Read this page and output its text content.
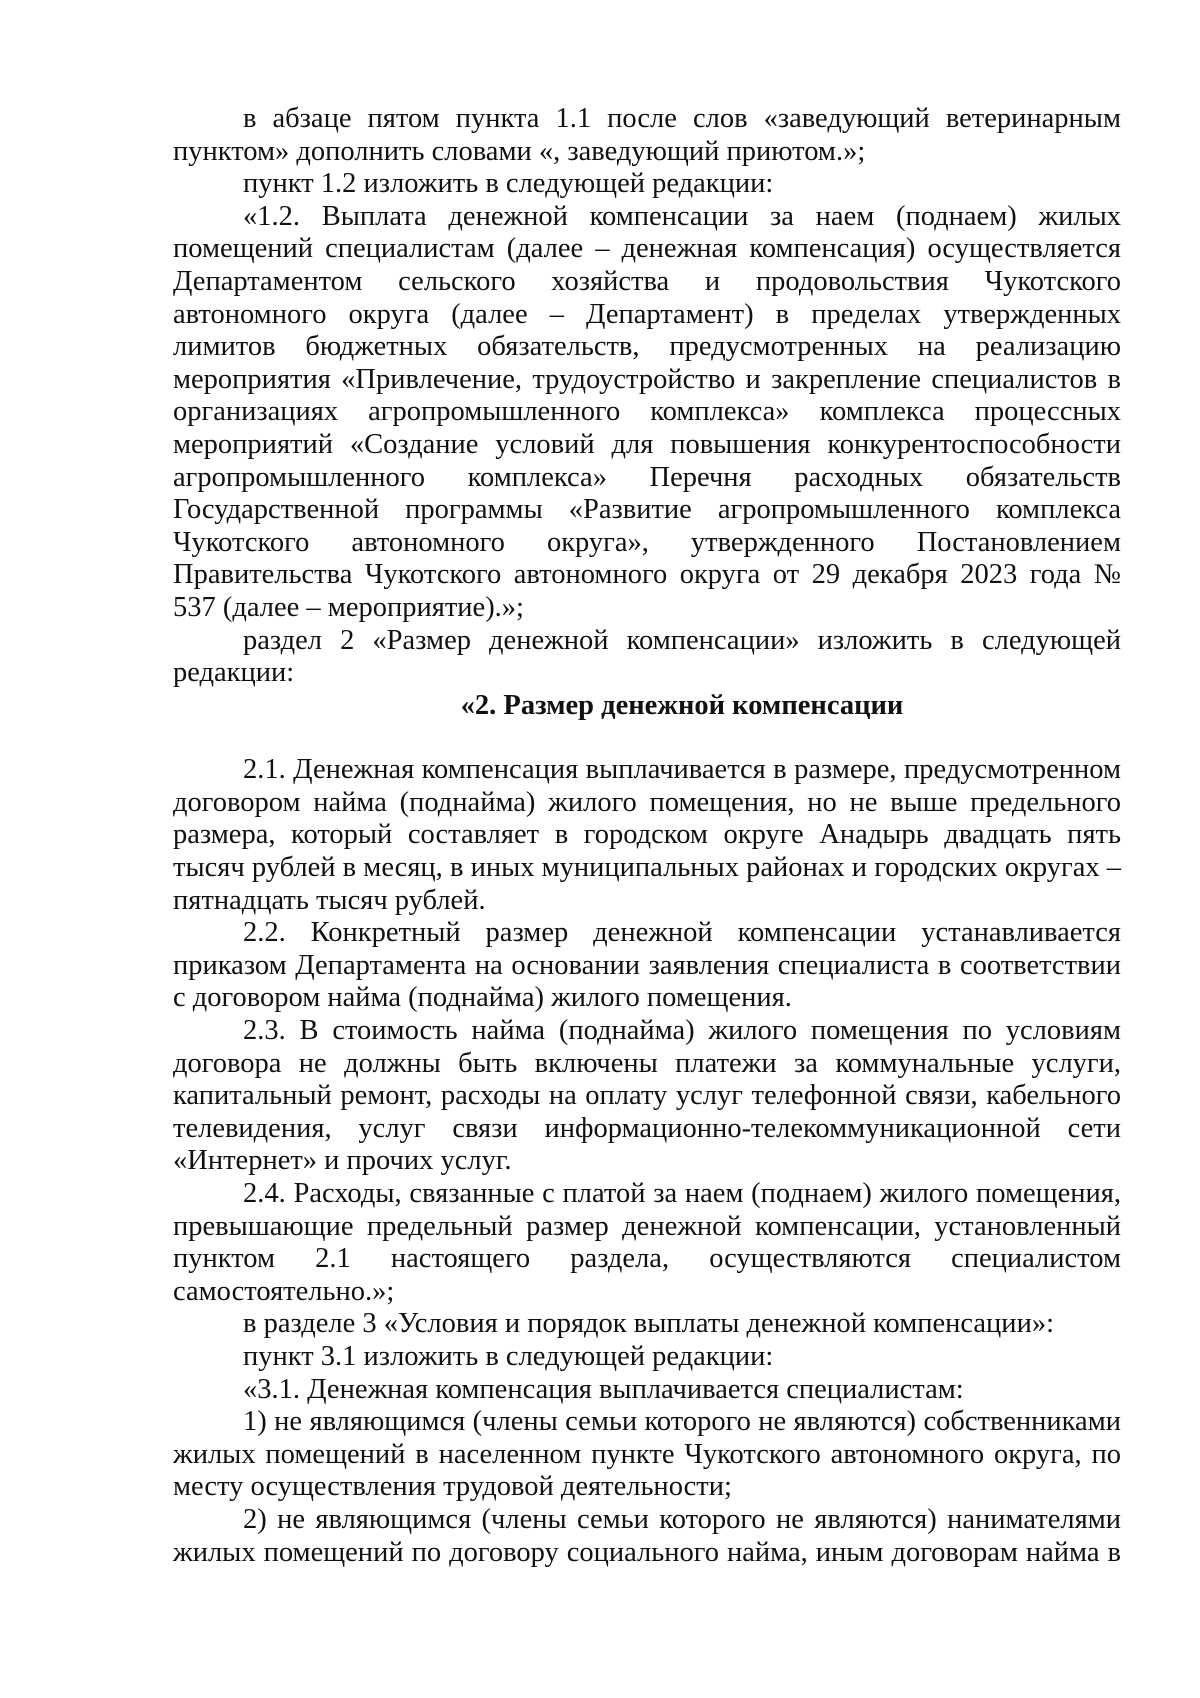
в абзаце пятом пункта 1.1 после слов «заведующий ветеринарным пунктом» дополнить словами «, заведующий приютом.»;

пункт 1.2 изложить в следующей редакции:

«1.2. Выплата денежной компенсации за наем (поднаем) жилых помещений специалистам (далее – денежная компенсация) осуществляется Департаментом сельского хозяйства и продовольствия Чукотского автономного округа (далее – Департамент) в пределах утвержденных лимитов бюджетных обязательств, предусмотренных на реализацию мероприятия «Привлечение, трудоустройство и закрепление специалистов в организациях агропромышленного комплекса» комплекса процессных мероприятий «Создание условий для повышения конкурентоспособности агропромышленного комплекса» Перечня расходных обязательств Государственной программы «Развитие агропромышленного комплекса Чукотского автономного округа», утвержденного Постановлением Правительства Чукотского автономного округа от 29 декабря 2023 года № 537 (далее – мероприятие).»;

раздел 2 «Размер денежной компенсации» изложить в следующей редакции:

«2. Размер денежной компенсации

2.1. Денежная компенсация выплачивается в размере, предусмотренном договором найма (поднайма) жилого помещения, но не выше предельного размера, который составляет в городском округе Анадырь двадцать пять тысяч рублей в месяц, в иных муниципальных районах и городских округах – пятнадцать тысяч рублей.

2.2. Конкретный размер денежной компенсации устанавливается приказом Департамента на основании заявления специалиста в соответствии с договором найма (поднайма) жилого помещения.

2.3. В стоимость найма (поднайма) жилого помещения по условиям договора не должны быть включены платежи за коммунальные услуги, капитальный ремонт, расходы на оплату услуг телефонной связи, кабельного телевидения, услуг связи информационно-телекоммуникационной сети «Интернет» и прочих услуг.

2.4. Расходы, связанные с платой за наем (поднаем) жилого помещения, превышающие предельный размер денежной компенсации, установленный пунктом 2.1 настоящего раздела, осуществляются специалистом самостоятельно.»;

в разделе 3 «Условия и порядок выплаты денежной компенсации»:

пункт 3.1 изложить в следующей редакции:

«3.1. Денежная компенсация выплачивается специалистам:

1) не являющимся (члены семьи которого не являются) собственниками жилых помещений в населенном пункте Чукотского автономного округа, по месту осуществления трудовой деятельности;

2) не являющимся (члены семьи которого не являются) нанимателями жилых помещений по договору социального найма, иным договорам найма в
